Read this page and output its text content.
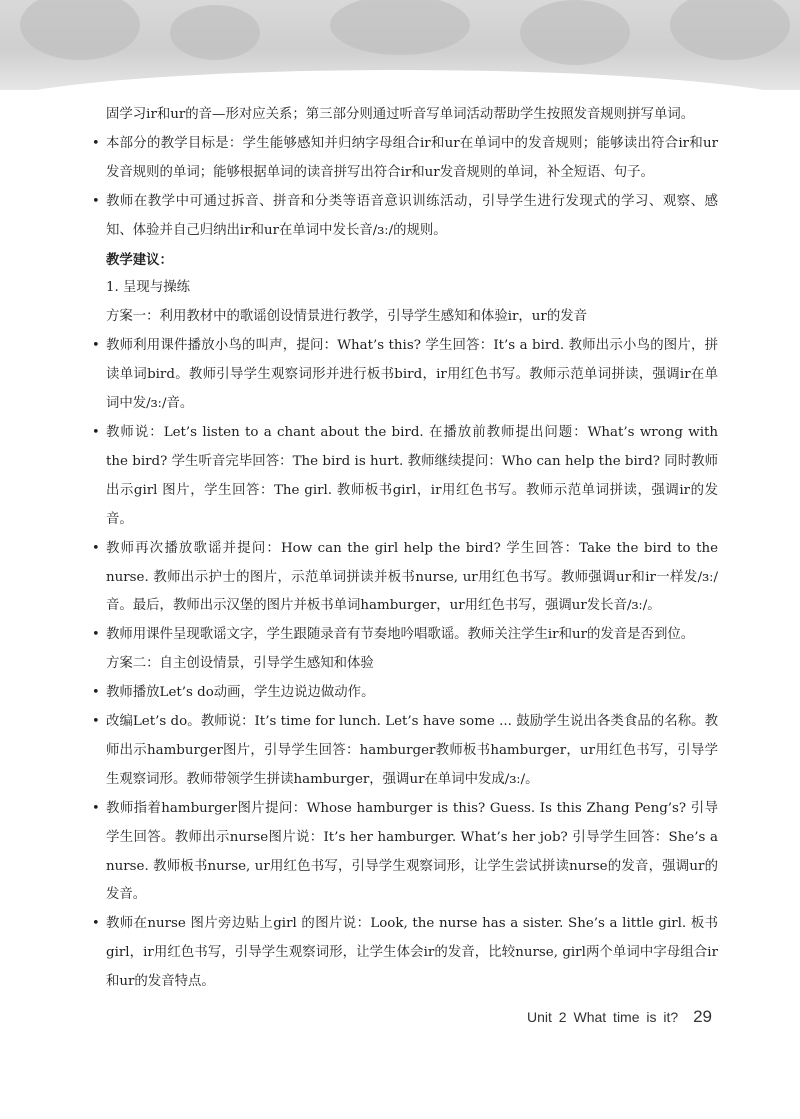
固学习ir和ur的音—形对应关系；第三部分则通过听音写单词活动帮助学生按照发音规则拼写单词。

• 本部分的教学目标是：学生能够感知并归纳字母组合ir和ur在单词中的发音规则；能够读出符合ir和ur发音规则的单词；能够根据单词的读音拼写出符合ir和ur发音规则的单词，补全短语、句子。

• 教师在教学中可通过拆音、拼音和分类等语音意识训练活动，引导学生进行发现式的学习、观察、感知、体验并自己归纳出ir和ur在单词中发长音/ɜː/的规则。

教学建议：

1. 呈现与操练

方案一：利用教材中的歌谣创设情景进行教学，引导学生感知和体验ir，ur的发音

• 教师利用课件播放小鸟的叫声，提问：What’s this? 学生回答：It’s a bird. 教师出示小鸟的图片，拼读单词bird。教师引导学生观察词形并进行板书bird，ir用红色书写。教师示范单词拼读，强调ir在单词中发/ɜː/音。

• 教师说：Let’s listen to a chant about the bird. 在播放前教师提出问题：What’s wrong with the bird? 学生听音完毕回答：The bird is hurt. 教师继续提问：Who can help the bird? 同时教师出示girl 图片，学生回答：The girl. 教师板书girl，ir用红色书写。教师示范单词拼读，强调ir的发音。

• 教师再次播放歌谣并提问：How can the girl help the bird? 学生回答：Take the bird to the nurse. 教师出示护士的图片，示范单词拼读并板书nurse, ur用红色书写。教师强调ur和ir一样发/ɜː/音。最后，教师出示汉堡的图片并板书单词hamburger，ur用红色书写，强调ur发长音/ɜː/。

• 教师用课件呈现歌谣文字，学生跟随录音有节奏地吟唱歌谣。教师关注学生ir和ur的发音是否到位。

方案二：自主创设情景，引导学生感知和体验

• 教师播放Let’s do动画，学生边说边做动作。

• 改编Let’s do。教师说：It’s time for lunch. Let’s have some ... 鼓励学生说出各类食品的名称。教师出示hamburger图片，引导学生回答：hamburger教师板书hamburger，ur用红色书写，引导学生观察词形。教师带领学生拼读hamburger，强调ur在单词中发成/ɜː/。

• 教师指着hamburger图片提问：Whose hamburger is this? Guess. Is this Zhang Peng’s? 引导学生回答。教师出示nurse图片说：It’s her hamburger. What’s her job? 引导学生回答：She’s a nurse. 教师板书nurse, ur用红色书写，引导学生观察词形，让学生尝试拼读nurse的发音，强调ur的发音。

• 教师在nurse 图片旁边贴上girl 的图片说：Look, the nurse has a sister. She’s a little girl. 板书girl，ir用红色书写，引导学生观察词形，让学生体会ir的发音，比较nurse, girl两个单词中字母组合ir和ur的发音特点。

Unit 2 What time is it? 29
